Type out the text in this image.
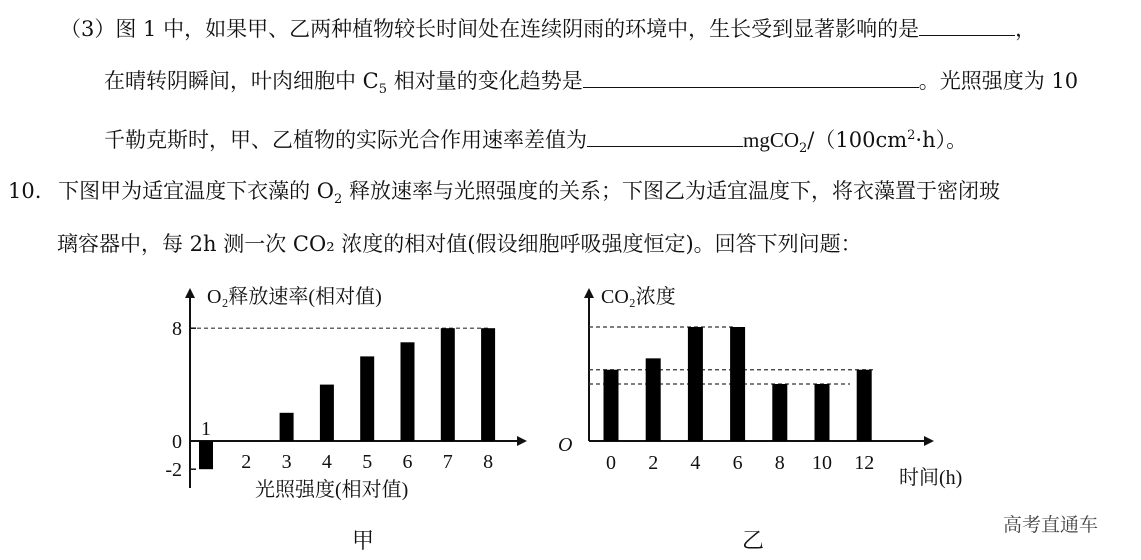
（3）图 1 中，如果甲、乙两种植物较长时间处在连续阴雨的环境中，生长受到显著影响的是	，
在晴转阴瞬间，叶肉细胞中 $C_5$ 相对量的变化趋势是	。光照强度为 10
千勒克斯时，甲、乙植物的实际光合作用速率差值为	$mgCO_2/(100cm^2\cdot h)$。
10. 下图甲为适宜温度下衣藻的 $O_2$ 释放速率与光照强度的关系；下图乙为适宜温度下，将衣藻置于密闭玻
璃容器中，每 2h 测一次 CO₂ 浓度的相对值(假设细胞呼吸强度恒定)。回答下列问题：
O₂释放速率(相对值)
光照强度(相对值)
8
0
-2	2 3 4 5 6 7 8
1
CO₂浓度
时间(h)
O
0 2 4 6 8 10 12
甲	乙
高考直通车
